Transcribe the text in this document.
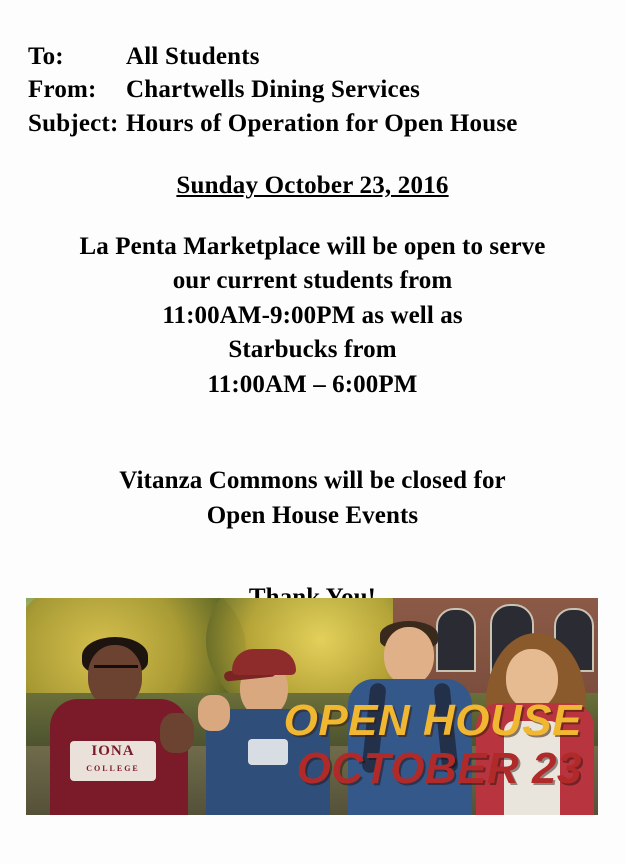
To: All Students
From: Chartwells Dining Services
Subject: Hours of Operation for Open House
Sunday October 23, 2016
La Penta Marketplace will be open to serve
our current students from
11:00AM-9:00PM as well as
Starbucks from
11:00AM – 6:00PM
Vitanza Commons will be closed for
Open House Events
IONA
COLLEGE
OPEN HOUSE
OCTOBER 23
